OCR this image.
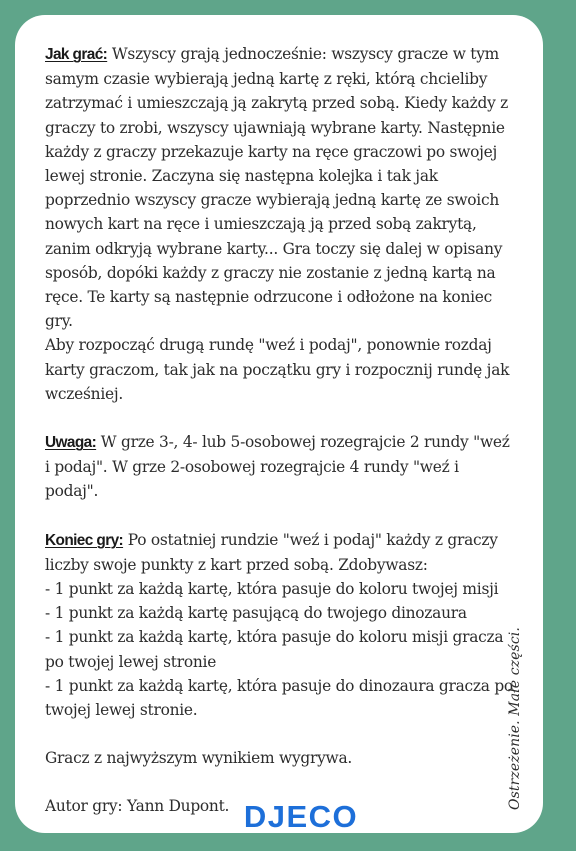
Jak grać: Wszyscy grają jednocześnie: wszyscy gracze w tym samym czasie wybierają jedną kartę z ręki, którą chcieliby zatrzymać i umieszczają ją zakrytą przed sobą. Kiedy każdy z graczy to zrobi, wszyscy ujawniają wybrane karty. Następnie każdy z graczy przekazuje karty na ręce graczowi po swojej lewej stronie. Zaczyna się następna kolejka i tak jak poprzednio wszyscy gracze wybierają jedną kartę ze swoich nowych kart na ręce i umieszczają ją przed sobą zakrytą, zanim odkryją wybrane karty... Gra toczy się dalej w opisany sposób, dopóki każdy z graczy nie zostanie z jedną kartą na ręce. Te karty są następnie odrzucone i odłożone na koniec gry.

Aby rozpocząć drugą rundę "weź i podaj", ponownie rozdaj karty graczom, tak jak na początku gry i rozpocznij rundę jak wcześniej.

Uwaga: W grze 3-, 4- lub 5-osobowej rozegrajcie 2 rundy "weź i podaj". W grze 2-osobowej rozegrajcie 4 rundy "weź i podaj".

Koniec gry: Po ostatniej rundzie "weź i podaj" każdy z graczy liczby swoje punkty z kart przed sobą. Zdobywasz:

- 1 punkt za każdą kartę, która pasuje do koloru twojej misji

- 1 punkt za każdą kartę pasującą do twojego dinozaura

- 1 punkt za każdą kartę, która pasuje do koloru misji gracza po twojej lewej stronie

- 1 punkt za każdą kartę, która pasuje do dinozaura gracza po twojej lewej stronie.

Gracz z najwyższym wynikiem wygrywa.

Autor gry: Yann Dupont. DJECO
Ostrzeżenie. Małe części.
